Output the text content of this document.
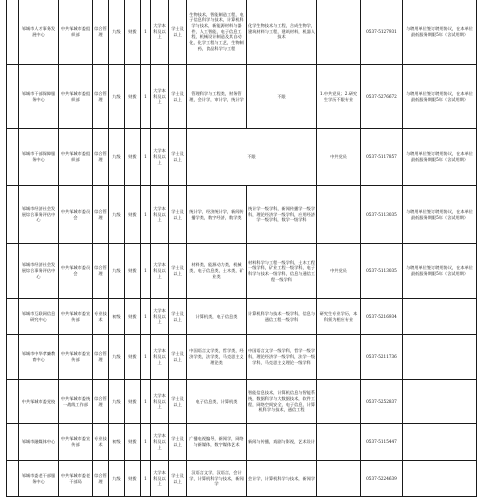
	邹城市人才事务发展中心	中共邹城市委组织部	综合管理	九级	财拨	1	大学本科及以上	学士及以上	生物技术，智能制造工程，电子信息科学与技术，计算机科学与技术，新能源材料与器件，人工智能，电子信息工程，机械设计制造及其自动化，化学工程与工艺，生物制药，食品科学与工程	化学生物技术与工程，合成生物学，建筑材料与工程，建筑材料，机器人技术		0537-5127931	与聘用单位签订聘用协议，在本单位最低服务期限5年（含试用期）
	邹城市干部保障服务中心	中共邹城市委组织部	综合管理	九级	财拨	1	大学本科及以上	学士及以上	管理科学与工程类，财务管理，会计学，审计学，统计学	不限	1.中共党员；2.研究生学历不限专业	0537-5276672	与聘用单位签订聘用协议，在本单位最低服务期限5年（含试用期）
	邹城市干部保障服务中心	中共邹城市委组织部	综合管理	九级	财拨	1	大学本科及以上	学士及以上	不限		中共党员	0537-5117857	与聘用单位签订聘用协议，在本单位最低服务期限5年（含试用期）
	邹城市经济社会发展综合事务评估中心	中共邹城市委员会	综合管理	九级	财拨	1	大学本科及以上	学士及以上	统计学，经济统计学，新闻传播学类，数字经济，数学类	统计学一级学科，新闻传播学一级学科，理论经济学一级学科，应用经济学一级学科，数学一级学科		0537-5113035	与聘用单位签订聘用协议，在本单位最低服务期限5年（含试用期）
	邹城市经济社会发展综合事务评估中心	中共邹城市委员会	综合管理	九级	财拨	1	大学本科及以上	学士及以上	材料类，能源动力类，机械类，电子信息类，土木类，矿业类	材料科学与工程一级学科，土木工程一级学科，矿业工程一级学科，电子科学与技术一级学科，信息与通信工程一级学科	中共党员	0537-5113035	与聘用单位签订聘用协议，在本单位最低服务期限5年（含试用期）
	邹城市互联网信息研究中心	中共邹城市委宣传部	专业技术	初级	财拨	1	大学本科及以上	学士及以上	计算机类，电子信息类	计算机科学与技术一级学科，信息与通信工程一级学科	研究生专业学历，本科须为相应专业	0537-5216934	
	邹城市中华孝廉教育中心	中共邹城市委宣传部	综合管理	九级	财拨	1	大学本科及以上	学士及以上	中国语言文学类，哲学类，经济学类，法学类，马克思主义理论类	中国语言文学一级学科，哲学一级学科，理论经济学一级学科，法学一级学科，马克思主义理论一级学科		0537-5211736	
	中共邹城市委党校	中共邹城市委统一战线工作部	综合管理	九级	财拨	1	大学本科及以上	学士及以上	电子信息类，计算机类	智能信息技术，计算机信息与智能系统，数据科学与大数据技术，软件工程，网络空间安全，电子信息，计算机科学与技术，通信工程		0537-5252837	
	邹城市融媒体中心	中共邹城市委宣传部	专业技术	初级	财拨	1	大学本科及以上	学士及以上	广播电视编导，新闻学，网络与新媒体，数字媒体艺术	新闻与传播，戏剧与影视，艺术设计		0537-5115447	
	邹城市委老干部服务中心	中共邹城市委老干部局	综合管理	九级	财拨	1	大学本科及以上	学士及以上	汉语言文学，汉语言，会计学，计算机科学与技术，新闻学	会计学，计算机科学与技术，新闻学		0537-5224639	
